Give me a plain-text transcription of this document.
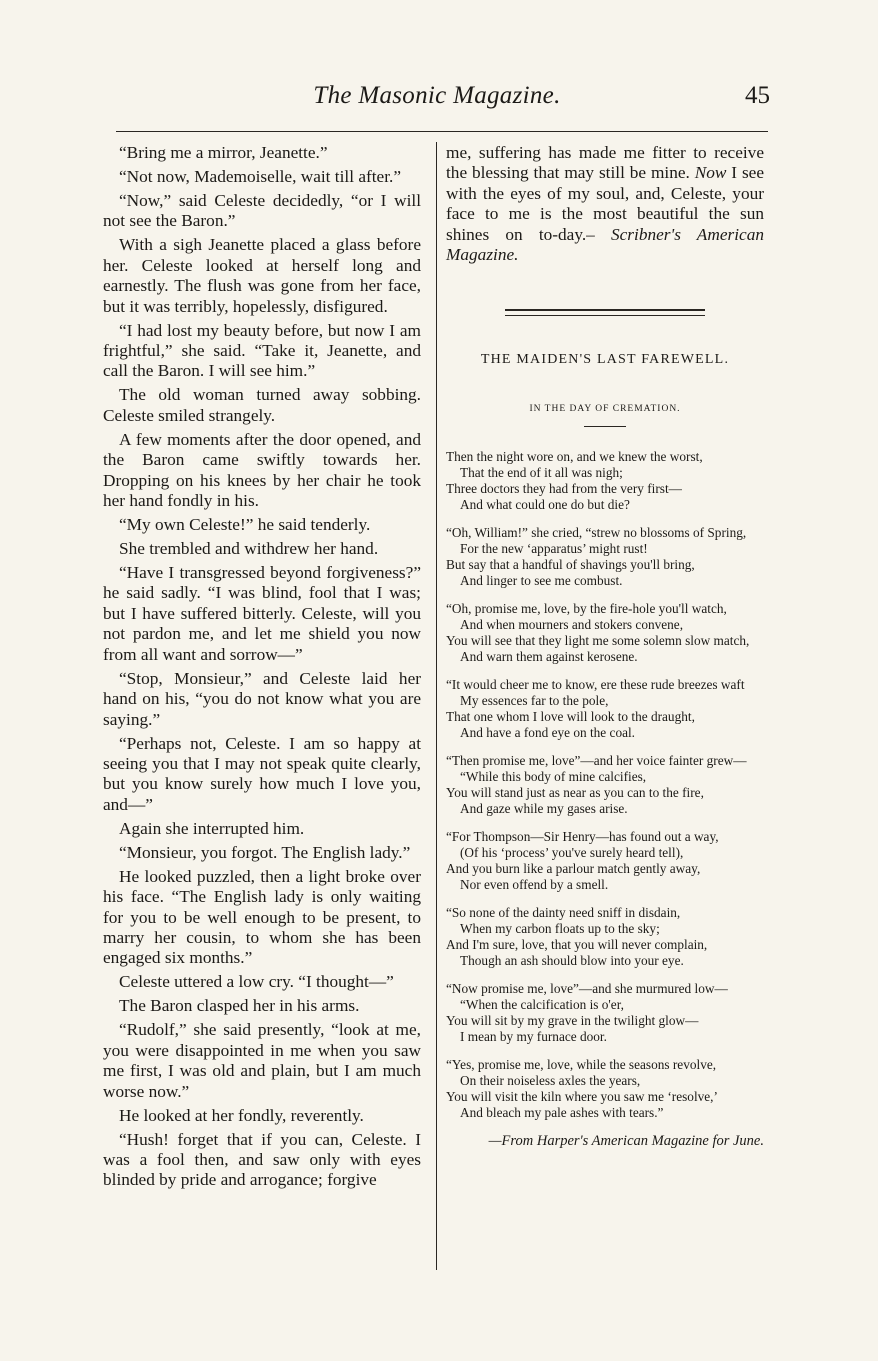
The Masonic Magazine.	45

“Bring me a mirror, Jeanette.”

“Not now, Mademoiselle, wait till after.”

“Now,” said Celeste decidedly, “or I will not see the Baron.”

With a sigh Jeanette placed a glass before her. Celeste looked at herself long and earnestly. The flush was gone from her face, but it was terribly, hopelessly, disfigured.

“I had lost my beauty before, but now I am frightful,” she said. “Take it, Jeanette, and call the Baron. I will see him.”

The old woman turned away sobbing. Celeste smiled strangely.

A few moments after the door opened, and the Baron came swiftly towards her. Dropping on his knees by her chair he took her hand fondly in his.

“My own Celeste!” he said tenderly.

She trembled and withdrew her hand.

“Have I transgressed beyond forgiveness?” he said sadly. “I was blind, fool that I was; but I have suffered bitterly. Celeste, will you not pardon me, and let me shield you now from all want and sorrow—”

“Stop, Monsieur,” and Celeste laid her hand on his, “you do not know what you are saying.”

“Perhaps not, Celeste. I am so happy at seeing you that I may not speak quite clearly, but you know surely how much I love you, and—”

Again she interrupted him.

“Monsieur, you forgot. The English lady.”

He looked puzzled, then a light broke over his face. “The English lady is only waiting for you to be well enough to be present, to marry her cousin, to whom she has been engaged six months.”

Celeste uttered a low cry. “I thought—”

The Baron clasped her in his arms.

“Rudolf,” she said presently, “look at me, you were disappointed in me when you saw me first, I was old and plain, but I am much worse now.”

He looked at her fondly, reverently.

“Hush! forget that if you can, Celeste. I was a fool then, and saw only with eyes blinded by pride and arrogance; forgive

me, suffering has made me fitter to receive the blessing that may still be mine. Now I see with the eyes of my soul, and, Celeste, your face to me is the most beautiful the sun shines on to-day.– Scribner's American Magazine.

THE MAIDEN'S LAST FAREWELL.
IN THE DAY OF CREMATION.
Then the night wore on, and we knew the worst,
That the end of it all was nigh;
Three doctors they had from the very first—
And what could one do but die?
“Oh, William!” she cried, “strew no blossoms of Spring,
For the new ‘apparatus’ might rust!
But say that a handful of shavings you'll bring,
And linger to see me combust.
“Oh, promise me, love, by the fire-hole you'll watch,
And when mourners and stokers convene,
You will see that they light me some solemn slow match,
And warn them against kerosene.
“It would cheer me to know, ere these rude breezes waft
My essences far to the pole,
That one whom I love will look to the draught,
And have a fond eye on the coal.
“Then promise me, love”—and her voice fainter grew—
“While this body of mine calcifies,
You will stand just as near as you can to the fire,
And gaze while my gases arise.
“For Thompson—Sir Henry—has found out a way,
(Of his ‘process’ you've surely heard tell),
And you burn like a parlour match gently away,
Nor even offend by a smell.
“So none of the dainty need sniff in disdain,
When my carbon floats up to the sky;
And I'm sure, love, that you will never complain,
Though an ash should blow into your eye.
“Now promise me, love”—and she murmured low—
“When the calcification is o'er,
You will sit by my grave in the twilight glow—
I mean by my furnace door.
“Yes, promise me, love, while the seasons revolve,
On their noiseless axles the years,
You will visit the kiln where you saw me ‘resolve,’
And bleach my pale ashes with tears.”
—From Harper's American Magazine for June.
